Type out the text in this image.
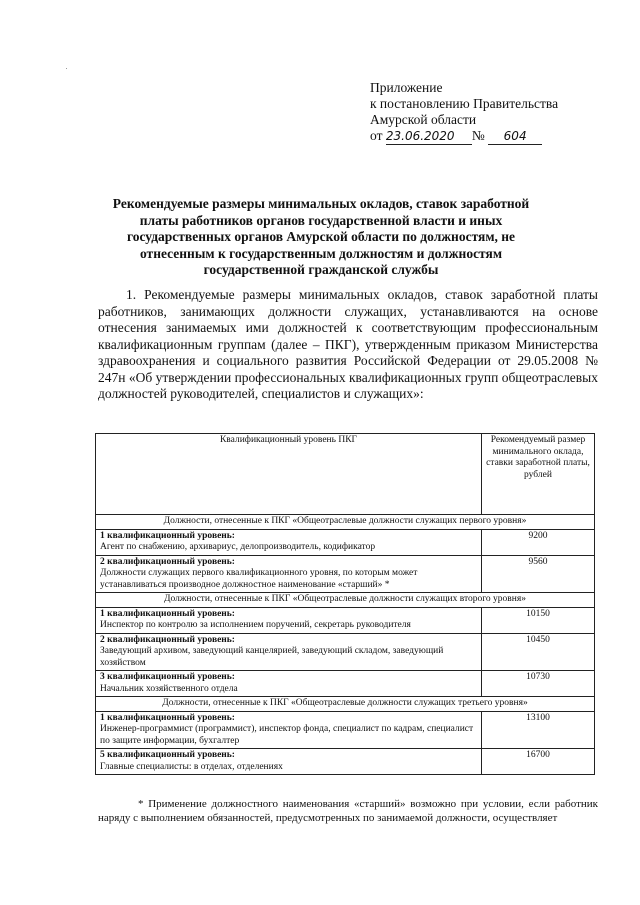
Приложение
к постановлению Правительства
Амурской области
от 23.06.2020 № 604
Рекомендуемые размеры минимальных окладов, ставок заработной платы работников органов государственной власти и иных государственных органов Амурской области по должностям, не отнесенным к государственным должностям и должностям государственной гражданской службы
1. Рекомендуемые размеры минимальных окладов, ставок заработной платы работников, занимающих должности служащих, устанавливаются на основе отнесения занимаемых ими должностей к соответствующим профессиональным квалификационным группам (далее – ПКГ), утвержденным приказом Министерства здравоохранения и социального развития Российской Федерации от 29.05.2008 № 247н «Об утверждении профессиональных квалификационных групп общеотраслевых должностей руководителей, специалистов и служащих»:
Квалификационный уровень ПКГ	Рекомендуемый размер минимального оклада, ставки заработной платы, рублей
Должности, отнесенные к ПКГ «Общеотраслевые должности служащих первого уровня»	

1 квалификационный уровень:
Агент по снабжению, архивариус, делопроизводитель, кодификатор	9200

2 квалификационный уровень:
Должности служащих первого квалификационного уровня, по которым может устанавливаться производное должностное наименование «старший» *	9560
Должности, отнесенные к ПКГ «Общеотраслевые должности служащих второго уровня»	

1 квалификационный уровень:
Инспектор по контролю за исполнением поручений, секретарь руководителя	10150

2 квалификационный уровень:
Заведующий архивом, заведующий канцелярией, заведующий складом, заведующий хозяйством	10450

3 квалификационный уровень:
Начальник хозяйственного отдела	10730
Должности, отнесенные к ПКГ «Общеотраслевые должности служащих третьего уровня»	

1 квалификационный уровень:
Инженер-программист (программист), инспектор фонда, специалист по кадрам, специалист по защите информации, бухгалтер	13100

5 квалификационный уровень:
Главные специалисты: в отделах, отделениях	16700
* Применение должностного наименования «старший» возможно при условии, если работник наряду с выполнением обязанностей, предусмотренных по занимаемой должности, осуществляет
